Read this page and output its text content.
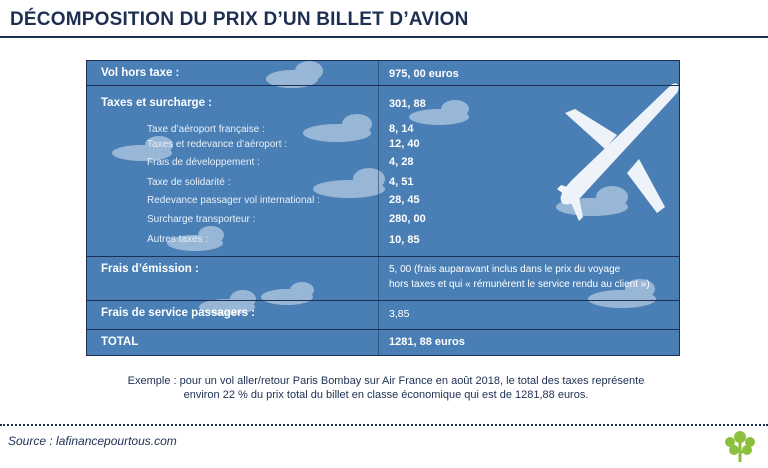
DÉCOMPOSITION DU PRIX D’UN BILLET D’AVION
Vol hors taxe :	975, 00 euros
Taxes et surcharge :	301, 88
Taxe d’aéroport française :	8, 14
Taxes et redevance d’aéroport :	12, 40
Frais de développement :	4, 28
Taxe de solidarité :	4, 51
Redevance passager vol international :	28, 45
Surcharge transporteur :	280, 00
Autres taxes :	10, 85
Frais d’émission :	5, 00 (frais auparavant inclus dans le prix du voyage
hors taxes et qui « rémunèrent le service rendu au client »)
Frais de service passagers :	3,85
TOTAL	1281, 88 euros
Exemple : pour un vol aller/retour Paris Bombay sur Air France en août 2018, le total des taxes représente
environ 22 % du prix total du billet en classe économique qui est de 1281,88 euros.
Source : lafinancepourtous.com
